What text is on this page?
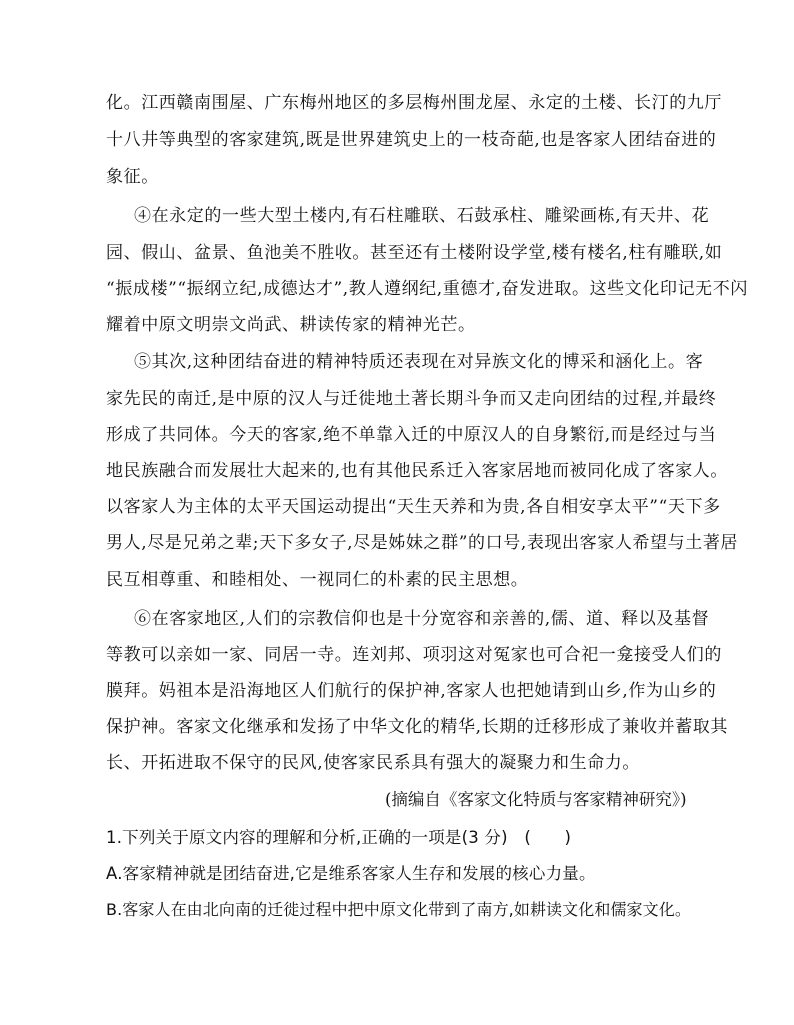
化。江西赣南围屋、广东梅州地区的多层梅州围龙屋、永定的土楼、长汀的九厅
十八井等典型的客家建筑,既是世界建筑史上的一枝奇葩,也是客家人团结奋进的
象征。
④在永定的一些大型土楼内,有石柱雕联、石鼓承柱、雕梁画栋,有天井、花
园、假山、盆景、鱼池美不胜收。甚至还有土楼附设学堂,楼有楼名,柱有雕联,如
“振成楼”“振纲立纪,成德达才”,教人遵纲纪,重德才,奋发进取。这些文化印记无不闪
耀着中原文明崇文尚武、耕读传家的精神光芒。
⑤其次,这种团结奋进的精神特质还表现在对异族文化的博采和涵化上。客
家先民的南迁,是中原的汉人与迁徙地土著长期斗争而又走向团结的过程,并最终
形成了共同体。今天的客家,绝不单靠入迁的中原汉人的自身繁衍,而是经过与当
地民族融合而发展壮大起来的,也有其他民系迁入客家居地而被同化成了客家人。
以客家人为主体的太平天国运动提出“天生天养和为贵,各自相安享太平”“天下多
男人,尽是兄弟之辈;天下多女子,尽是姊妹之群”的口号,表现出客家人希望与土著居
民互相尊重、和睦相处、一视同仁的朴素的民主思想。
⑥在客家地区,人们的宗教信仰也是十分宽容和亲善的,儒、道、释以及基督
等教可以亲如一家、同居一寺。连刘邦、项羽这对冤家也可合祀一龛接受人们的
膜拜。妈祖本是沿海地区人们航行的保护神,客家人也把她请到山乡,作为山乡的
保护神。客家文化继承和发扬了中华文化的精华,长期的迁移形成了兼收并蓄取其
长、开拓进取不保守的民风,使客家民系具有强大的凝聚力和生命力。
(摘编自《客家文化特质与客家精神研究》)
1.下列关于原文内容的理解和分析,正确的一项是(3 分)　(　　)
A.客家精神就是团结奋进,它是维系客家人生存和发展的核心力量。
B.客家人在由北向南的迁徙过程中把中原文化带到了南方,如耕读文化和儒家文化。
